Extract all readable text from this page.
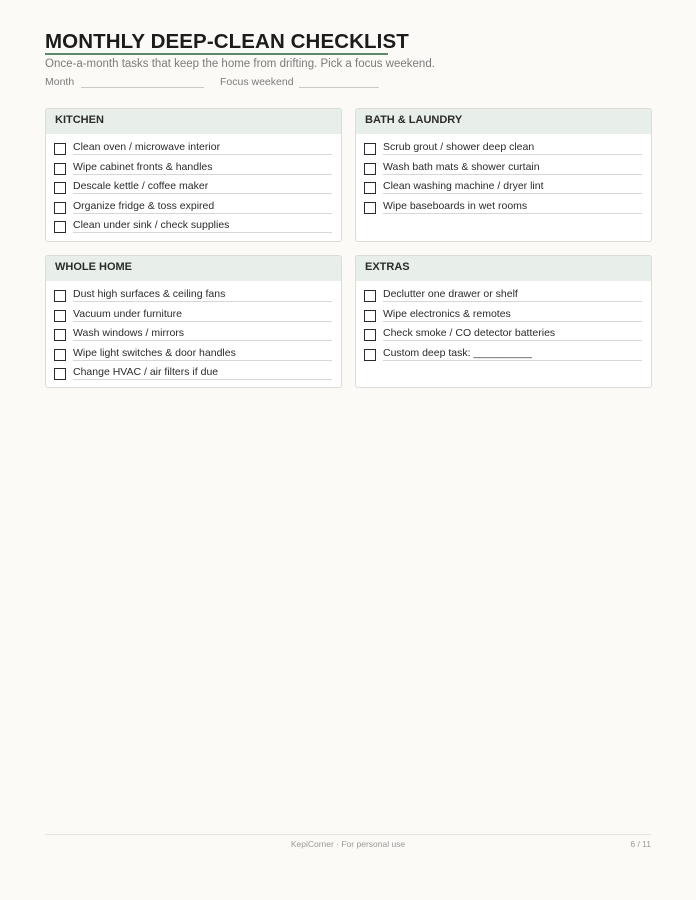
MONTHLY DEEP-CLEAN CHECKLIST
Once-a-month tasks that keep the home from drifting. Pick a focus weekend.
Month	Focus weekend
KITCHEN
Clean oven / microwave interior
Wipe cabinet fronts & handles
Descale kettle / coffee maker
Organize fridge & toss expired
Clean under sink / check supplies
BATH & LAUNDRY
Scrub grout / shower deep clean
Wash bath mats & shower curtain
Clean washing machine / dryer lint
Wipe baseboards in wet rooms
WHOLE HOME
Dust high surfaces & ceiling fans
Vacuum under furniture
Wash windows / mirrors
Wipe light switches & door handles
Change HVAC / air filters if due
EXTRAS
Declutter one drawer or shelf
Wipe electronics & remotes
Check smoke / CO detector batteries
Custom deep task: __________
KepiCorner · For personal use	6 / 11
